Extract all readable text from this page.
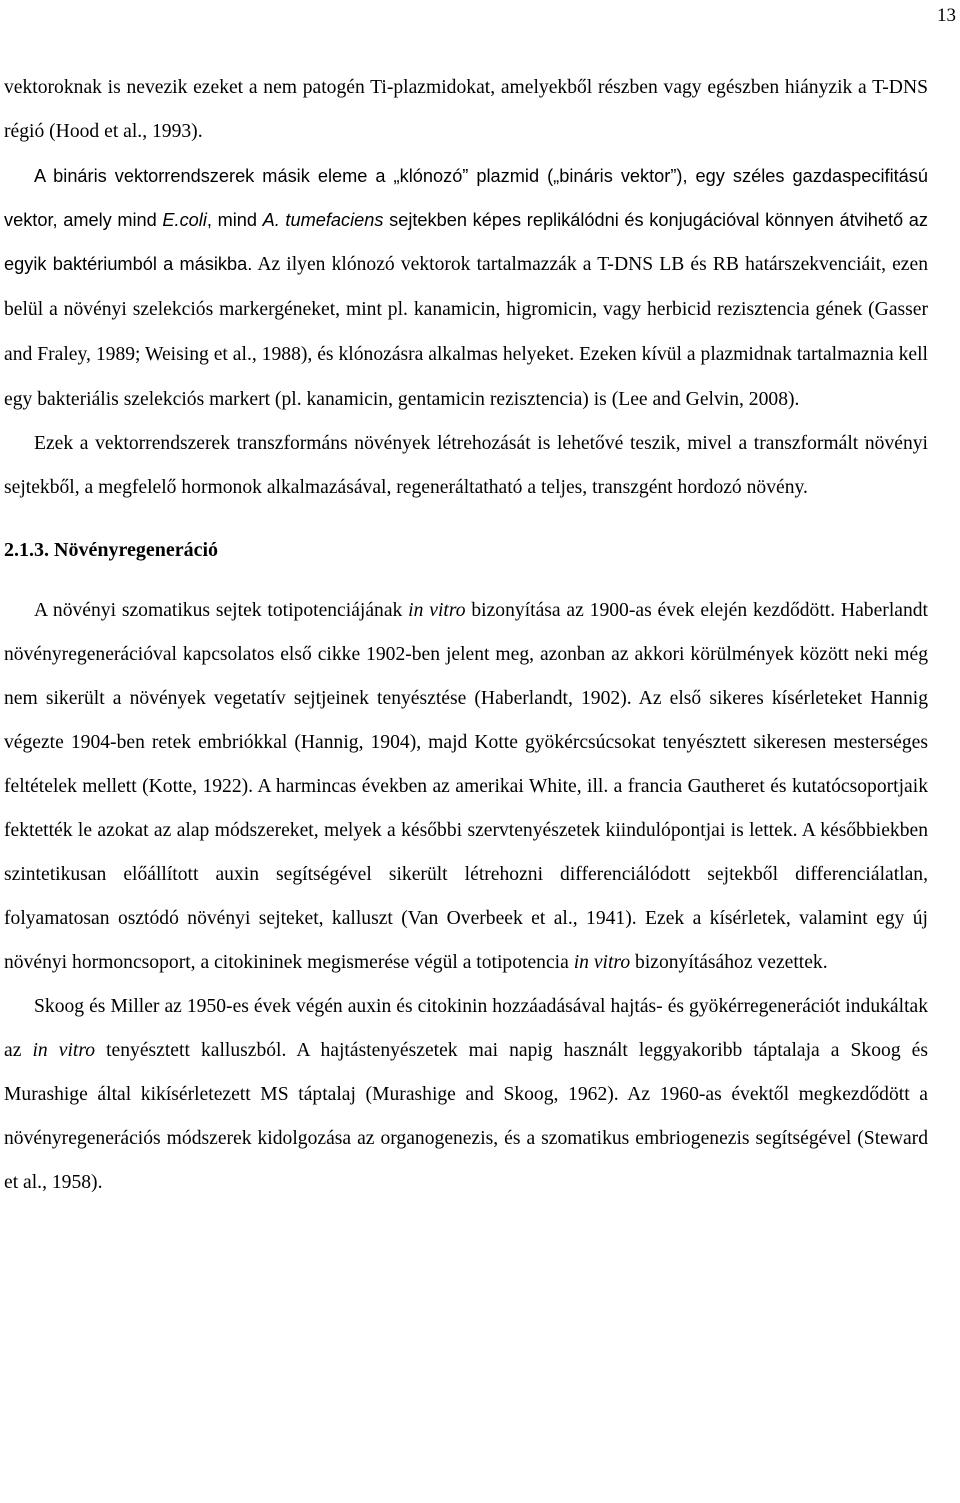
13

vektoroknak is nevezik ezeket a nem patogén Ti-plazmidokat, amelyekből részben vagy egészben hiányzik a T-DNS régió (Hood et al., 1993).

A bináris vektorrendszerek másik eleme a „klónozó” plazmid („bináris vektor”), egy széles gazdaspecifitású vektor, amely mind E.coli, mind A. tumefaciens sejtekben képes replikálódni és konjugációval könnyen átvihető az egyik baktériumból a másikba. Az ilyen klónozó vektorok tartalmazzák a T-DNS LB és RB határszekvenciáit, ezen belül a növényi szelekciós markergéneket, mint pl. kanamicin, higromicin, vagy herbicid rezisztencia gének (Gasser and Fraley, 1989; Weising et al., 1988), és klónozásra alkalmas helyeket. Ezeken kívül a plazmidnak tartalmaznia kell egy bakteriális szelekciós markert (pl. kanamicin, gentamicin rezisztencia) is (Lee and Gelvin, 2008).

Ezek a vektorrendszerek transzformáns növények létrehozását is lehetővé teszik, mivel a transzformált növényi sejtekből, a megfelelő hormonok alkalmazásával, regeneráltatható a teljes, transzgént hordozó növény.

2.1.3. Növényregeneráció

A növényi szomatikus sejtek totipotenciájának in vitro bizonyítása az 1900-as évek elején kezdődött. Haberlandt növényregenerációval kapcsolatos első cikke 1902-ben jelent meg, azonban az akkori körülmények között neki még nem sikerült a növények vegetatív sejtjeinek tenyésztése (Haberlandt, 1902). Az első sikeres kísérleteket Hannig végezte 1904-ben retek embriókkal (Hannig, 1904), majd Kotte gyökércsúcsokat tenyésztett sikeresen mesterséges feltételek mellett (Kotte, 1922). A harmincas években az amerikai White, ill. a francia Gautheret és kutatócsoportjaik fektették le azokat az alap módszereket, melyek a későbbi szervtenyészetek kiindulópontjai is lettek. A későbbiekben szintetikusan előállított auxin segítségével sikerült létrehozni differenciálódott sejtekből differenciálatlan, folyamatosan osztódó növényi sejteket, kalluszt (Van Overbeek et al., 1941). Ezek a kísérletek, valamint egy új növényi hormoncsoport, a citokininek megismerése végül a totipotencia in vitro bizonyításához vezettek.

Skoog és Miller az 1950-es évek végén auxin és citokinin hozzáadásával hajtás- és gyökérregenerációt indukáltak az in vitro tenyésztett kalluszból. A hajtástenyészetek mai napig használt leggyakoribb táptalaja a Skoog és Murashige által kikísérletezett MS táptalaj (Murashige and Skoog, 1962). Az 1960-as évektől megkezdődött a növényregenerációs módszerek kidolgozása az organogenezis, és a szomatikus embriogenezis segítségével (Steward et al., 1958).
